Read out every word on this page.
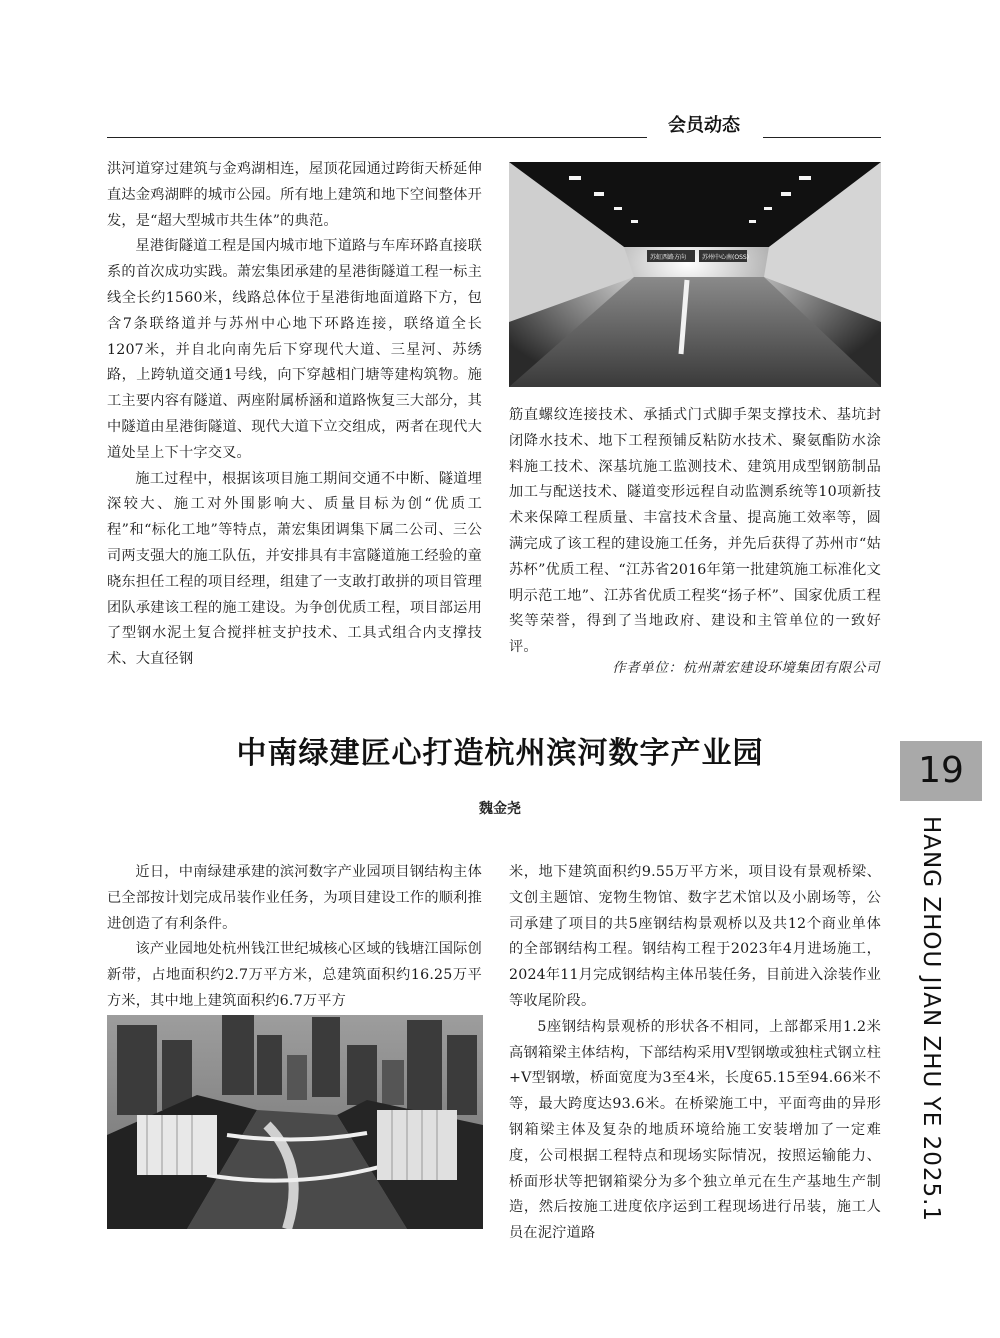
会员动态

洪河道穿过建筑与金鸡湖相连，屋顶花园通过跨街天桥延伸直达金鸡湖畔的城市公园。所有地上建筑和地下空间整体开发，是“超大型城市共生体”的典范。

星港街隧道工程是国内城市地下道路与车库环路直接联系的首次成功实践。萧宏集团承建的星港街隧道工程一标主线全长约1560米，线路总体位于星港街地面道路下方，包含7条联络道并与苏州中心地下环路连接，联络道全长1207米，并自北向南先后下穿现代大道、三星河、苏绣路，上跨轨道交通1号线，向下穿越相门塘等建构筑物。施工主要内容有隧道、两座附属桥涵和道路恢复三大部分，其中隧道由星港街隧道、现代大道下立交组成，两者在现代大道处呈上下十字交叉。

施工过程中，根据该项目施工期间交通不中断、隧道埋深较大、施工对外围影响大、质量目标为创“优质工程”和“标化工地”等特点，萧宏集团调集下属二公司、三公司两支强大的施工队伍，并安排具有丰富隧道施工经验的童晓东担任工程的项目经理，组建了一支敢打敢拼的项目管理团队承建该工程的施工建设。为争创优质工程，项目部运用了型钢水泥土复合搅拌桩支护技术、工具式组合内支撑技术、大直径钢

苏虹西路方向	苏州中心南(OSS)

筋直螺纹连接技术、承插式门式脚手架支撑技术、基坑封闭降水技术、地下工程预铺反粘防水技术、聚氨酯防水涂料施工技术、深基坑施工监测技术、建筑用成型钢筋制品加工与配送技术、隧道变形远程自动监测系统等10项新技术来保障工程质量、丰富技术含量、提高施工效率等，圆满完成了该工程的建设施工任务，并先后获得了苏州市“姑苏杯”优质工程、“江苏省2016年第一批建筑施工标准化文明示范工地”、江苏省优质工程奖“扬子杯”、国家优质工程奖等荣誉，得到了当地政府、建设和主管单位的一致好评。

作者单位：杭州萧宏建设环境集团有限公司
中南绿建匠心打造杭州滨河数字产业园
魏金尧
19
HANG ZHOU JIAN ZHU YE 2025.1

近日，中南绿建承建的滨河数字产业园项目钢结构主体已全部按计划完成吊装作业任务，为项目建设工作的顺利推进创造了有利条件。

该产业园地处杭州钱江世纪城核心区域的钱塘江国际创新带，占地面积约2.7万平方米，总建筑面积约16.25万平方米，其中地上建筑面积约6.7万平方

米，地下建筑面积约9.55万平方米，项目设有景观桥梁、文创主题馆、宠物生物馆、数字艺术馆以及小剧场等，公司承建了项目的共5座钢结构景观桥以及共12个商业单体的全部钢结构工程。钢结构工程于2023年4月进场施工，2024年11月完成钢结构主体吊装任务，目前进入涂装作业等收尾阶段。

5座钢结构景观桥的形状各不相同，上部都采用1.2米高钢箱梁主体结构，下部结构采用V型钢墩或独柱式钢立柱+V型钢墩，桥面宽度为3至4米，长度65.15至94.66米不等，最大跨度达93.6米。在桥梁施工中，平面弯曲的异形钢箱梁主体及复杂的地质环境给施工安装增加了一定难度，公司根据工程特点和现场实际情况，按照运输能力、桥面形状等把钢箱梁分为多个独立单元在生产基地生产制造，然后按施工进度依序运到工程现场进行吊装，施工人员在泥泞道路
